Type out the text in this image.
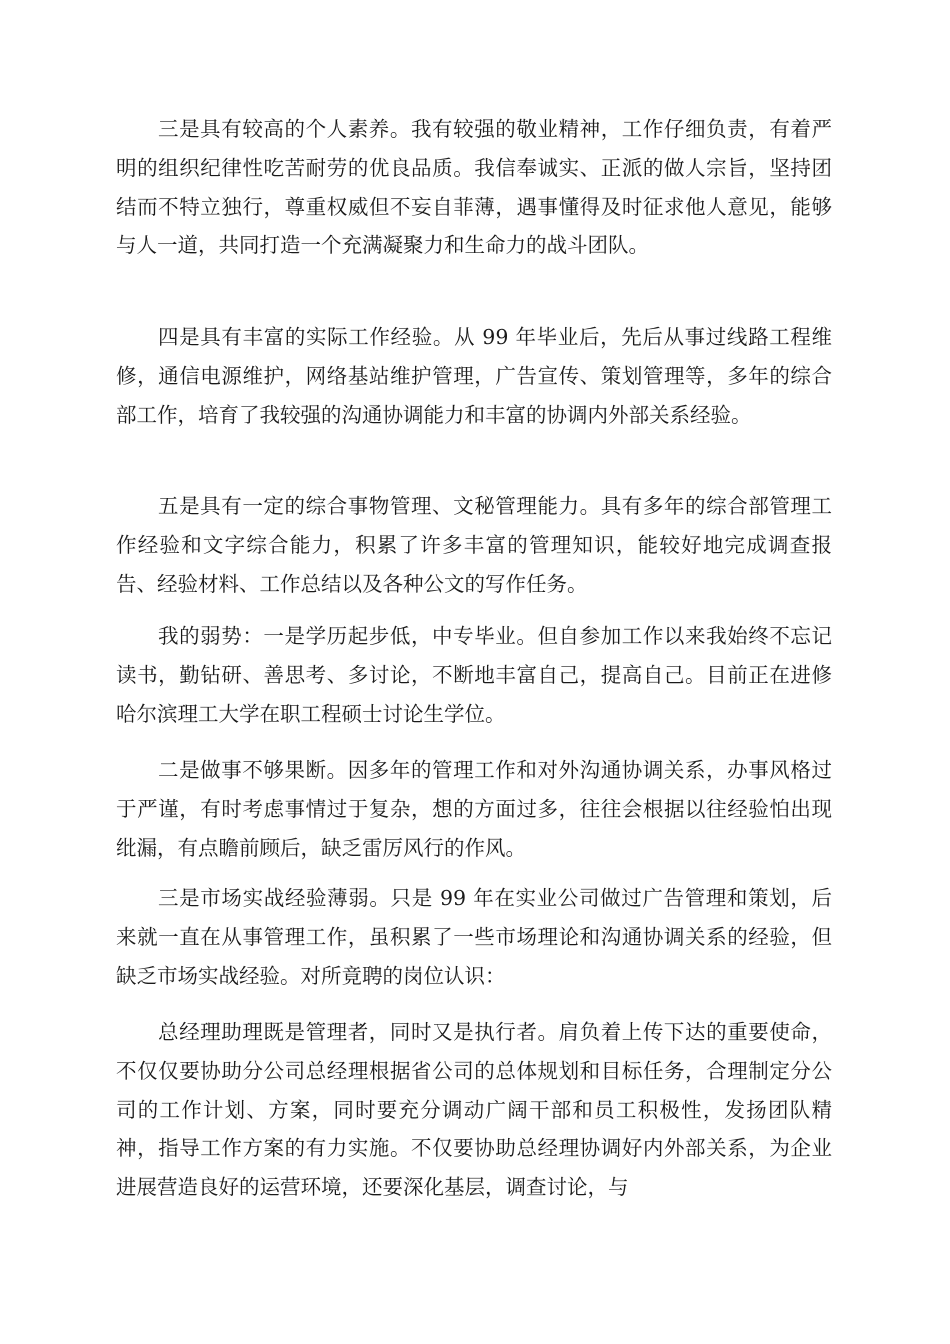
三是具有较高的个人素养。我有较强的敬业精神，工作仔细负责，有着严明的组织纪律性吃苦耐劳的优良品质。我信奉诚实、正派的做人宗旨，坚持团结而不特立独行，尊重权威但不妄自菲薄，遇事懂得及时征求他人意见，能够与人一道，共同打造一个充满凝聚力和生命力的战斗团队。

四是具有丰富的实际工作经验。从 99 年毕业后，先后从事过线路工程维修，通信电源维护，网络基站维护管理，广告宣传、策划管理等，多年的综合部工作，培育了我较强的沟通协调能力和丰富的协调内外部关系经验。

五是具有一定的综合事物管理、文秘管理能力。具有多年的综合部管理工作经验和文字综合能力，积累了许多丰富的管理知识，能较好地完成调查报告、经验材料、工作总结以及各种公文的写作任务。

我的弱势：一是学历起步低，中专毕业。但自参加工作以来我始终不忘记读书，勤钻研、善思考、多讨论，不断地丰富自己，提高自己。目前正在进修哈尔滨理工大学在职工程硕士讨论生学位。

二是做事不够果断。因多年的管理工作和对外沟通协调关系，办事风格过于严谨，有时考虑事情过于复杂，想的方面过多，往往会根据以往经验怕出现纰漏，有点瞻前顾后，缺乏雷厉风行的作风。

三是市场实战经验薄弱。只是 99 年在实业公司做过广告管理和策划，后来就一直在从事管理工作，虽积累了一些市场理论和沟通协调关系的经验，但缺乏市场实战经验。对所竟聘的岗位认识：

总经理助理既是管理者，同时又是执行者。肩负着上传下达的重要使命，不仅仅要协助分公司总经理根据省公司的总体规划和目标任务，合理制定分公司的工作计划、方案，同时要充分调动广阔干部和员工积极性，发扬团队精神，指导工作方案的有力实施。不仅要协助总经理协调好内外部关系，为企业进展营造良好的运营环境，还要深化基层，调查讨论，与
